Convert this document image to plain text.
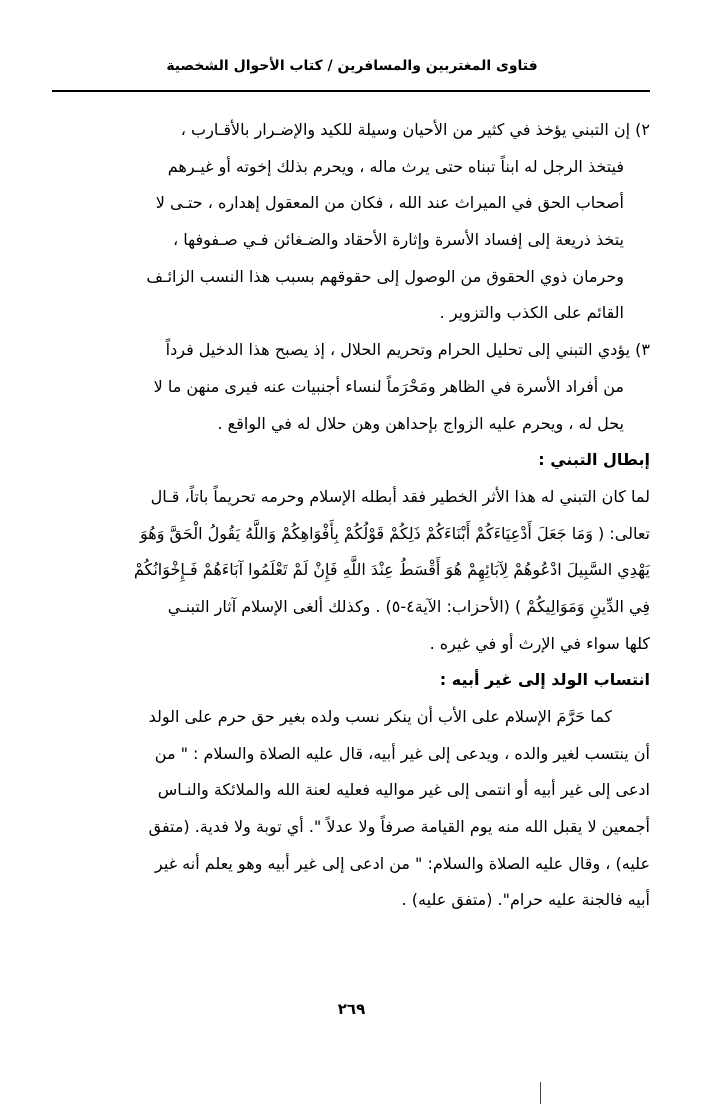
فتاوى المغتربين والمسافرين / كتاب الأحوال الشخصية
٢) إن التبني يؤخذ في كثير من الأحيان وسيلة للكيد والإضـرار بالأقـارب ،
فيتخذ الرجل له ابناً تبناه حتى يرث ماله ، ويحرم بذلك إخوته أو غيـرهم
أصحاب الحق في الميراث عند الله ، فكان من المعقول إهداره ، حتـى لا
يتخذ ذريعة إلى إفساد الأسرة وإثارة الأحقاد والضـغائن فـي صـفوفها ،
وحرمان ذوي الحقوق من الوصول إلى حقوقهم بسبب هذا النسب الزائـف
القائم على الكذب والتزوير .
٣) يؤدي التبني إلى تحليل الحرام وتحريم الحلال ، إذ يصبح هذا الدخيل فرداً
من أفراد الأسرة في الظاهر ومَحْرَماً لنساء أجنبيات عنه فيرى منهن ما لا
يحل له ، ويحرم عليه الزواج بإحداهن وهن حلال له في الواقع .
إبطال التبني :
لما كان التبني له هذا الأثر الخطير فقد أبطله الإسلام وحرمه تحريماً باتاً، قـال
تعالى: ( وَمَا جَعَلَ أَدْعِيَاءَكُمْ أَبْنَاءَكُمْ ذَلِكُمْ قَوْلُكُمْ بِأَفْوَاهِكُمْ وَاللَّهُ يَقُولُ الْحَقَّ وَهُوَ
يَهْدِي السَّبِيلَ ادْعُوهُمْ لِآبَائِهِمْ هُوَ أَقْسَطُ عِنْدَ اللَّهِ فَإِنْ لَمْ تَعْلَمُوا آبَاءَهُمْ فَـإِخْوَانُكُمْ
فِي الدِّينِ وَمَوَالِيكُمْ ) (الأحزاب: الآية٤-٥) . وكذلك ألغى الإسلام آثار التبنـي
كلها سواء في الإرث أو في غيره .
انتساب الولد إلى غير أبيه :
كما حَرَّمَ الإسلام على الأب أن ينكر نسب ولده بغير حق حرم على الولد
أن ينتسب لغير والده ، ويدعى إلى غير أبيه، قال عليه الصلاة والسلام : " من
ادعى إلى غير أبيه أو انتمى إلى غير مواليه فعليه لعنة الله والملائكة والنـاس
أجمعين لا يقبل الله منه يوم القيامة صرفاً ولا عدلاً ". أي توبة ولا فدية. (متفق
عليه) ، وقال عليه الصلاة والسلام: " من ادعى إلى غير أبيه وهو يعلم أنه غير
أبيه فالجنة عليه حرام". (متفق عليه) .
٢٦٩
